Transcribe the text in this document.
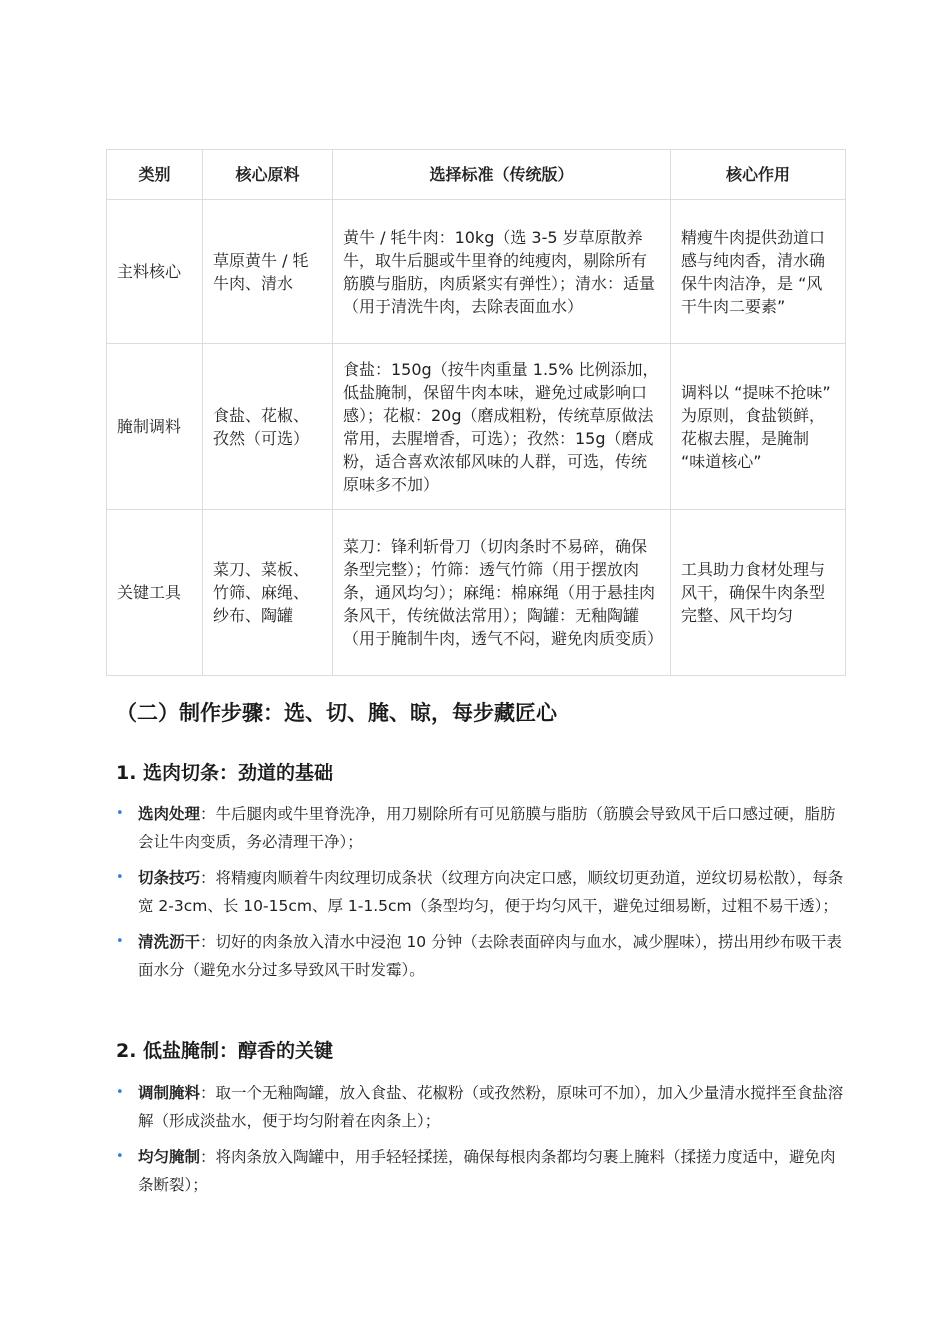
类别	核心原料	选择标准（传统版）	核心作用
主料核心	草原黄牛 / 牦牛肉、清水	黄牛 / 牦牛肉：10kg（选 3-5 岁草原散养牛，取牛后腿或牛里脊的纯瘦肉，剔除所有筋膜与脂肪，肉质紧实有弹性）；清水：适量（用于清洗牛肉，去除表面血水）	精瘦牛肉提供劲道口感与纯肉香，清水确保牛肉洁净，是 “风干牛肉二要素”
腌制调料	食盐、花椒、孜然（可选）	食盐：150g（按牛肉重量 1.5% 比例添加，低盐腌制，保留牛肉本味，避免过咸影响口感）；花椒：20g（磨成粗粉，传统草原做法常用，去腥增香，可选）；孜然：15g（磨成粉，适合喜欢浓郁风味的人群，可选，传统原味多不加）	调料以 “提味不抢味” 为原则，食盐锁鲜，花椒去腥，是腌制 “味道核心”
关键工具	菜刀、菜板、竹筛、麻绳、纱布、陶罐	菜刀：锋利斩骨刀（切肉条时不易碎，确保条型完整）；竹筛：透气竹筛（用于摆放肉条，通风均匀）；麻绳：棉麻绳（用于悬挂肉条风干，传统做法常用）；陶罐：无釉陶罐（用于腌制牛肉，透气不闷，避免肉质变质）	工具助力食材处理与风干，确保牛肉条型完整、风干均匀
（二）制作步骤：选、切、腌、晾，每步藏匠心
1. 选肉切条：劲道的基础
• 选肉处理：牛后腿肉或牛里脊洗净，用刀剔除所有可见筋膜与脂肪（筋膜会导致风干后口感过硬，脂肪会让牛肉变质，务必清理干净）；
• 切条技巧：将精瘦肉顺着牛肉纹理切成条状（纹理方向决定口感，顺纹切更劲道，逆纹切易松散），每条宽 2-3cm、长 10-15cm、厚 1-1.5cm（条型均匀，便于均匀风干，避免过细易断，过粗不易干透）；
• 清洗沥干：切好的肉条放入清水中浸泡 10 分钟（去除表面碎肉与血水，减少腥味），捞出用纱布吸干表面水分（避免水分过多导致风干时发霉）。
2. 低盐腌制：醇香的关键
• 调制腌料：取一个无釉陶罐，放入食盐、花椒粉（或孜然粉，原味可不加），加入少量清水搅拌至食盐溶解（形成淡盐水，便于均匀附着在肉条上）；
• 均匀腌制：将肉条放入陶罐中，用手轻轻揉搓，确保每根肉条都均匀裹上腌料（揉搓力度适中，避免肉条断裂）；
